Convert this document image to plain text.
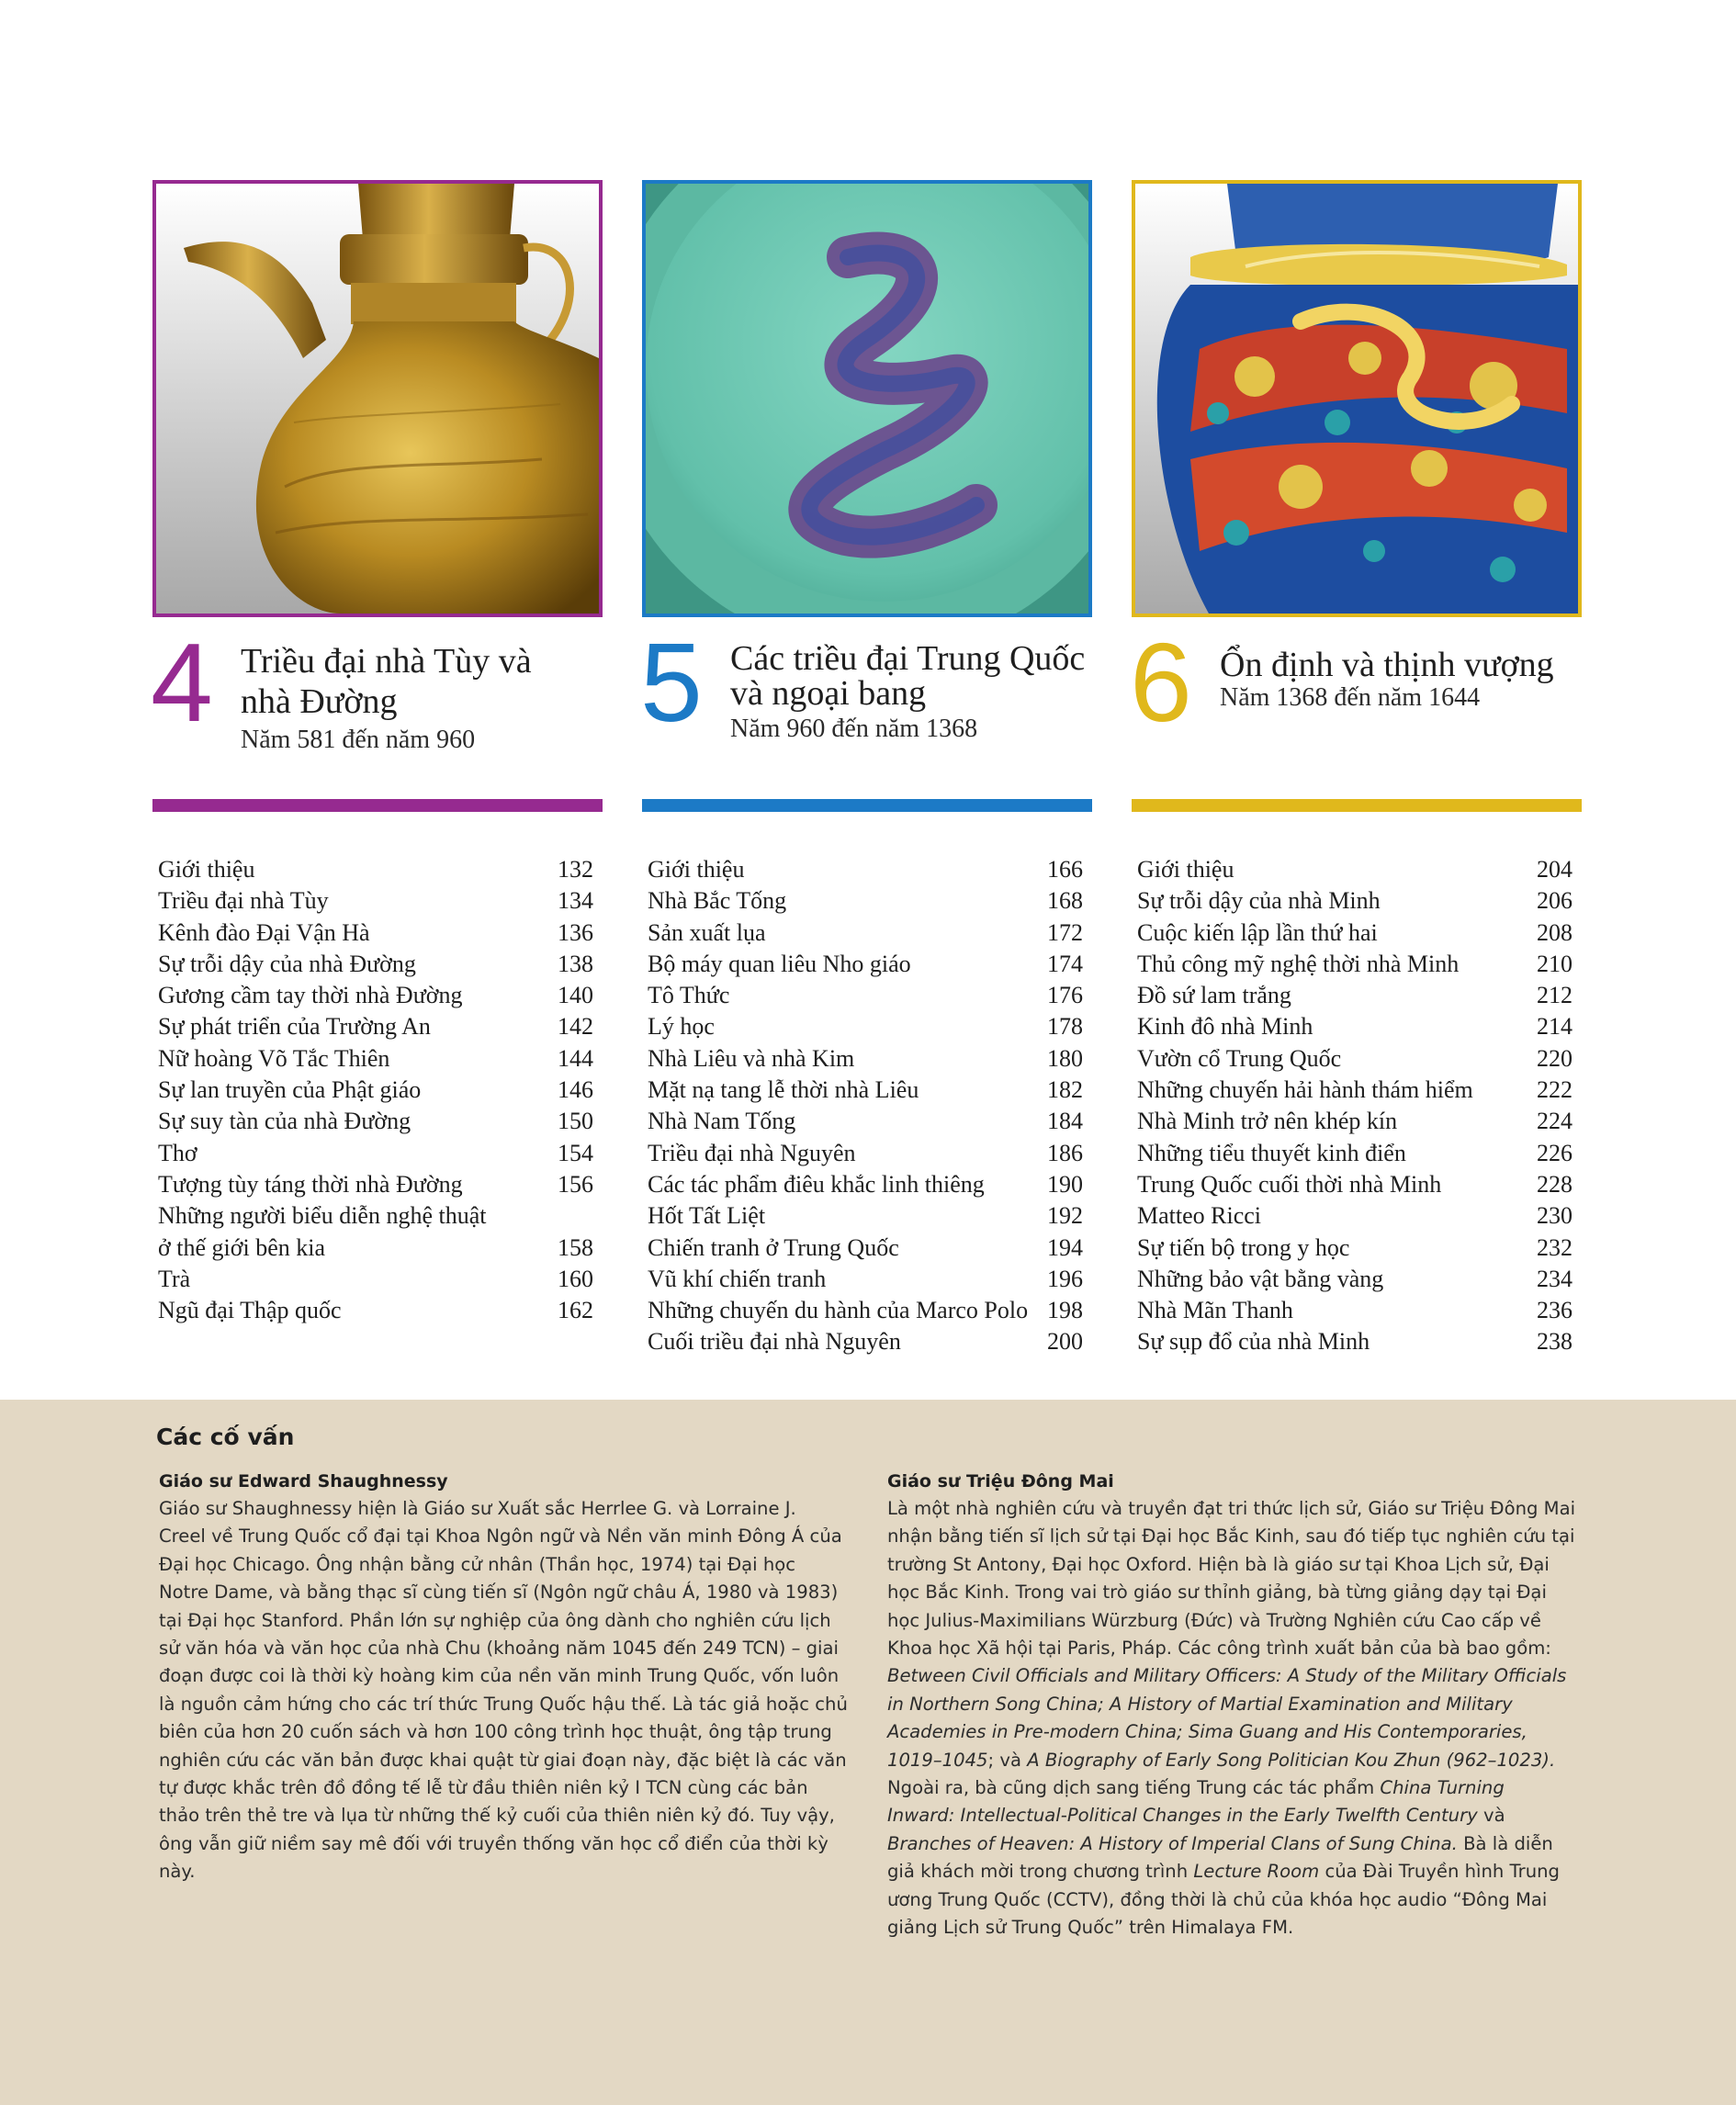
4 Triều đại nhà Tùy và
nhà Đường
Năm 581 đến năm 960
Giới thiệu	132
Triều đại nhà Tùy	134
Kênh đào Đại Vận Hà	136
Sự trỗi dậy của nhà Đường	138
Gương cầm tay thời nhà Đường	140
Sự phát triển của Trường An	142
Nữ hoàng Võ Tắc Thiên	144
Sự lan truyền của Phật giáo	146
Sự suy tàn của nhà Đường	150
Thơ	154
Tượng tùy táng thời nhà Đường	156
Những người biểu diễn nghệ thuật
ở thế giới bên kia	158
Trà	160
Ngũ đại Thập quốc	162
5 Các triều đại Trung Quốc
và ngoại bang
Năm 960 đến năm 1368
Giới thiệu	166
Nhà Bắc Tống	168
Sản xuất lụa	172
Bộ máy quan liêu Nho giáo	174
Tô Thức	176
Lý học	178
Nhà Liêu và nhà Kim	180
Mặt nạ tang lễ thời nhà Liêu	182
Nhà Nam Tống	184
Triều đại nhà Nguyên	186
Các tác phẩm điêu khắc linh thiêng	190
Hốt Tất Liệt	192
Chiến tranh ở Trung Quốc	194
Vũ khí chiến tranh	196
Những chuyến du hành của Marco Polo 198
Cuối triều đại nhà Nguyên	200
6 Ổn định và thịnh vượng
Năm 1368 đến năm 1644
Giới thiệu	204
Sự trỗi dậy của nhà Minh	206
Cuộc kiến lập lần thứ hai	208
Thủ công mỹ nghệ thời nhà Minh	210
Đồ sứ lam trắng	212
Kinh đô nhà Minh	214
Vườn cổ Trung Quốc	220
Những chuyến hải hành thám hiểm	222
Nhà Minh trở nên khép kín	224
Những tiểu thuyết kinh điển	226
Trung Quốc cuối thời nhà Minh	228
Matteo Ricci	230
Sự tiến bộ trong y học	232
Những bảo vật bằng vàng	234
Nhà Mãn Thanh	236
Sự sụp đổ của nhà Minh	238
Các cố vấn
Giáo sư Edward Shaughnessy
Giáo sư Shaughnessy hiện là Giáo sư Xuất sắc Herrlee G. và Lorraine J. Creel về Trung Quốc cổ đại tại Khoa Ngôn ngữ và Nền văn minh Đông Á của Đại học Chicago. Ông nhận bằng cử nhân (Thần học, 1974) tại Đại học Notre Dame, và bằng thạc sĩ cùng tiến sĩ (Ngôn ngữ châu Á, 1980 và 1983) tại Đại học Stanford. Phần lớn sự nghiệp của ông dành cho nghiên cứu lịch sử văn hóa và văn học của nhà Chu (khoảng năm 1045 đến 249 TCN) – giai đoạn được coi là thời kỳ hoàng kim của nền văn minh Trung Quốc, vốn luôn là nguồn cảm hứng cho các trí thức Trung Quốc hậu thế. Là tác giả hoặc chủ biên của hơn 20 cuốn sách và hơn 100 công trình học thuật, ông tập trung nghiên cứu các văn bản được khai quật từ giai đoạn này, đặc biệt là các văn tự được khắc trên đồ đồng tế lễ từ đầu thiên niên kỷ I TCN cùng các bản thảo trên thẻ tre và lụa từ những thế kỷ cuối của thiên niên kỷ đó. Tuy vậy, ông vẫn giữ niềm say mê đối với truyền thống văn học cổ điển của thời kỳ này.
Giáo sư Triệu Đông Mai
Là một nhà nghiên cứu và truyền đạt tri thức lịch sử, Giáo sư Triệu Đông Mai nhận bằng tiến sĩ lịch sử tại Đại học Bắc Kinh, sau đó tiếp tục nghiên cứu tại trường St Antony, Đại học Oxford. Hiện bà là giáo sư tại Khoa Lịch sử, Đại học Bắc Kinh. Trong vai trò giáo sư thỉnh giảng, bà từng giảng dạy tại Đại học Julius-Maximilians Würzburg (Đức) và Trường Nghiên cứu Cao cấp về Khoa học Xã hội tại Paris, Pháp. Các công trình xuất bản của bà bao gồm: Between Civil Officials and Military Officers: A Study of the Military Officials in Northern Song China; A History of Martial Examination and Military Academies in Pre-modern China; Sima Guang and His Contemporaries, 1019–1045; và A Biography of Early Song Politician Kou Zhun (962–1023). Ngoài ra, bà cũng dịch sang tiếng Trung các tác phẩm China Turning Inward: Intellectual-Political Changes in the Early Twelfth Century và Branches of Heaven: A History of Imperial Clans of Sung China. Bà là diễn giả khách mời trong chương trình Lecture Room của Đài Truyền hình Trung ương Trung Quốc (CCTV), đồng thời là chủ của khóa học audio “Đông Mai giảng Lịch sử Trung Quốc” trên Himalaya FM.
